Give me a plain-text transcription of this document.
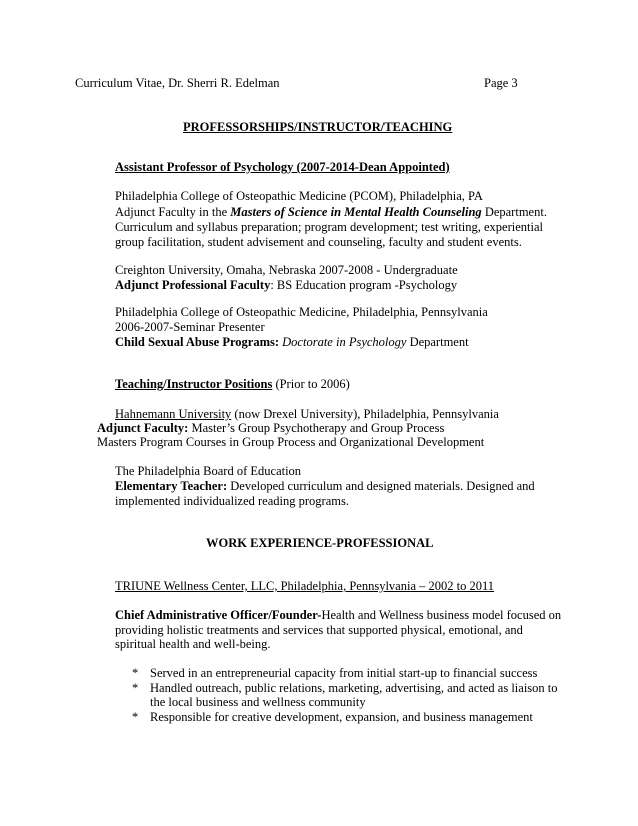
Curriculum Vitae, Dr. Sherri R. Edelman	Page 3
PROFESSORSHIPS/INSTRUCTOR/TEACHING
Assistant Professor of Psychology (2007-2014-Dean Appointed)
Philadelphia College of Osteopathic Medicine (PCOM), Philadelphia, PA
Adjunct Faculty in the Masters of Science in Mental Health Counseling Department.
Curriculum and syllabus preparation; program development; test writing, experiential
group facilitation, student advisement and counseling, faculty and student events.
Creighton University, Omaha, Nebraska 2007-2008 - Undergraduate
Adjunct Professional Faculty: BS Education program -Psychology
Philadelphia College of Osteopathic Medicine, Philadelphia, Pennsylvania
2006-2007-Seminar Presenter
Child Sexual Abuse Programs: Doctorate in Psychology Department
Teaching/Instructor Positions (Prior to 2006)
Hahnemann University (now Drexel University), Philadelphia, Pennsylvania
Adjunct Faculty: Master’s Group Psychotherapy and Group Process
Masters Program Courses in Group Process and Organizational Development
The Philadelphia Board of Education
Elementary Teacher: Developed curriculum and designed materials. Designed and
implemented individualized reading programs.
WORK EXPERIENCE-PROFESSIONAL
TRIUNE Wellness Center, LLC, Philadelphia, Pennsylvania – 2002 to 2011
Chief Administrative Officer/Founder-Health and Wellness business model focused on
providing holistic treatments and services that supported physical, emotional, and
spiritual health and well-being.
* Served in an entrepreneurial capacity from initial start-up to financial success
* Handled outreach, public relations, marketing, advertising, and acted as liaison to
the local business and wellness community
* Responsible for creative development, expansion, and business management
